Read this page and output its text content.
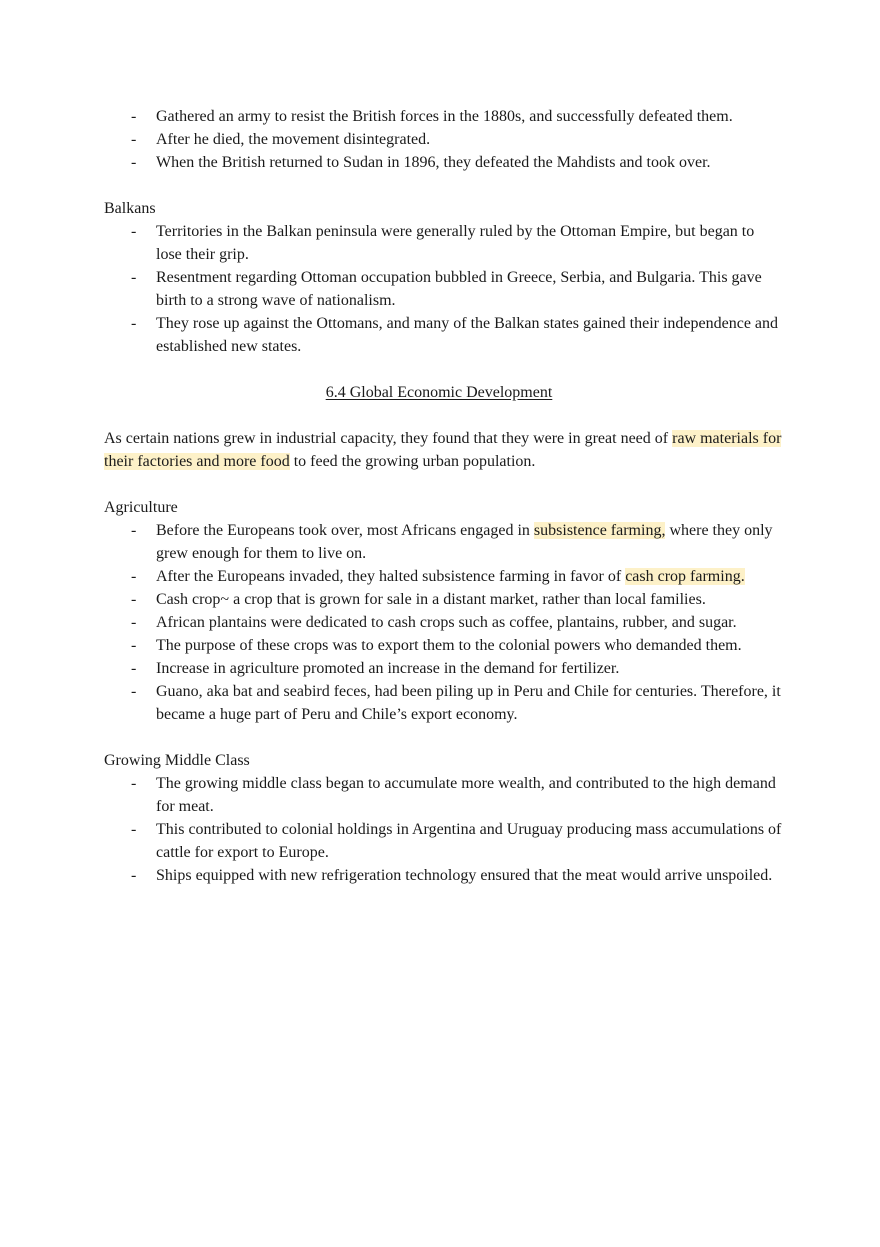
- Gathered an army to resist the British forces in the 1880s, and successfully defeated them.
- After he died, the movement disintegrated.
- When the British returned to Sudan in 1896, they defeated the Mahdists and took over.

Balkans

- Territories in the Balkan peninsula were generally ruled by the Ottoman Empire, but began to lose their grip.
- Resentment regarding Ottoman occupation bubbled in Greece, Serbia, and Bulgaria. This gave birth to a strong wave of nationalism.
- They rose up against the Ottomans, and many of the Balkan states gained their independence and established new states.

6.4 Global Economic Development

As certain nations grew in industrial capacity, they found that they were in great need of raw materials for their factories and more food to feed the growing urban population.

Agriculture

- Before the Europeans took over, most Africans engaged in subsistence farming, where they only grew enough for them to live on.
- After the Europeans invaded, they halted subsistence farming in favor of cash crop farming.
- Cash crop~ a crop that is grown for sale in a distant market, rather than local families.
- African plantains were dedicated to cash crops such as coffee, plantains, rubber, and sugar.
- The purpose of these crops was to export them to the colonial powers who demanded them.
- Increase in agriculture promoted an increase in the demand for fertilizer.
- Guano, aka bat and seabird feces, had been piling up in Peru and Chile for centuries. Therefore, it became a huge part of Peru and Chile’s export economy.

Growing Middle Class

- The growing middle class began to accumulate more wealth, and contributed to the high demand for meat.
- This contributed to colonial holdings in Argentina and Uruguay producing mass accumulations of cattle for export to Europe.
- Ships equipped with new refrigeration technology ensured that the meat would arrive unspoiled.
